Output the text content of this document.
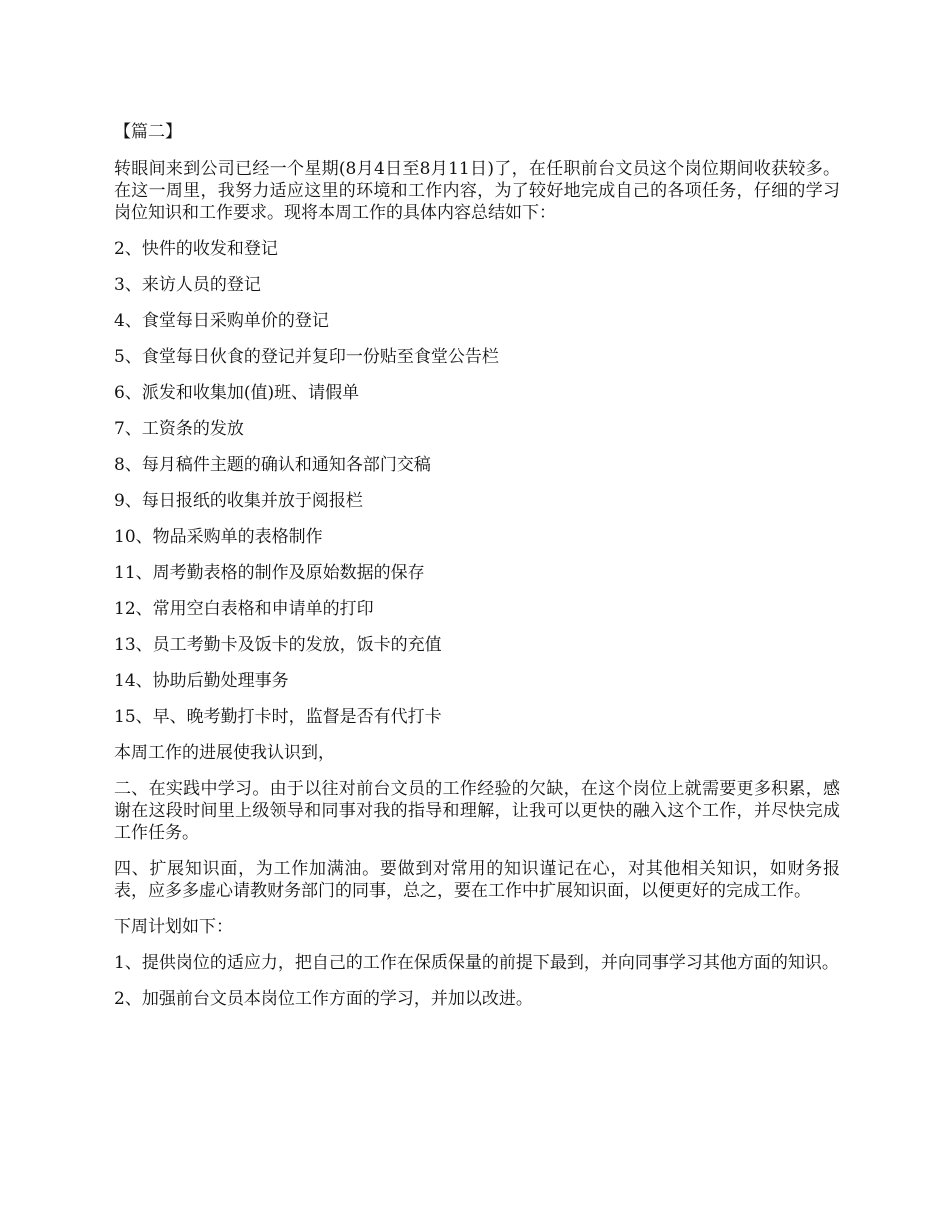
【篇二】

转眼间来到公司已经一个星期(8月4日至8月11日)了，在任职前台文员这个岗位期间收获较多。在这一周里，我努力适应这里的环境和工作内容，为了较好地完成自己的各项任务，仔细的学习岗位知识和工作要求。现将本周工作的具体内容总结如下：

2、快件的收发和登记

3、来访人员的登记

4、食堂每日采购单价的登记

5、食堂每日伙食的登记并复印一份贴至食堂公告栏

6、派发和收集加(值)班、请假单

7、工资条的发放

8、每月稿件主题的确认和通知各部门交稿

9、每日报纸的收集并放于阅报栏

10、物品采购单的表格制作

11、周考勤表格的制作及原始数据的保存

12、常用空白表格和申请单的打印

13、员工考勤卡及饭卡的发放，饭卡的充值

14、协助后勤处理事务

15、早、晚考勤打卡时，监督是否有代打卡

本周工作的进展使我认识到，

二、在实践中学习。由于以往对前台文员的工作经验的欠缺，在这个岗位上就需要更多积累，感谢在这段时间里上级领导和同事对我的指导和理解，让我可以更快的融入这个工作，并尽快完成工作任务。

四、扩展知识面，为工作加满油。要做到对常用的知识谨记在心，对其他相关知识，如财务报表，应多多虚心请教财务部门的同事，总之，要在工作中扩展知识面，以便更好的完成工作。

下周计划如下：

1、提供岗位的适应力，把自己的工作在保质保量的前提下最到，并向同事学习其他方面的知识。

2、加强前台文员本岗位工作方面的学习，并加以改进。
